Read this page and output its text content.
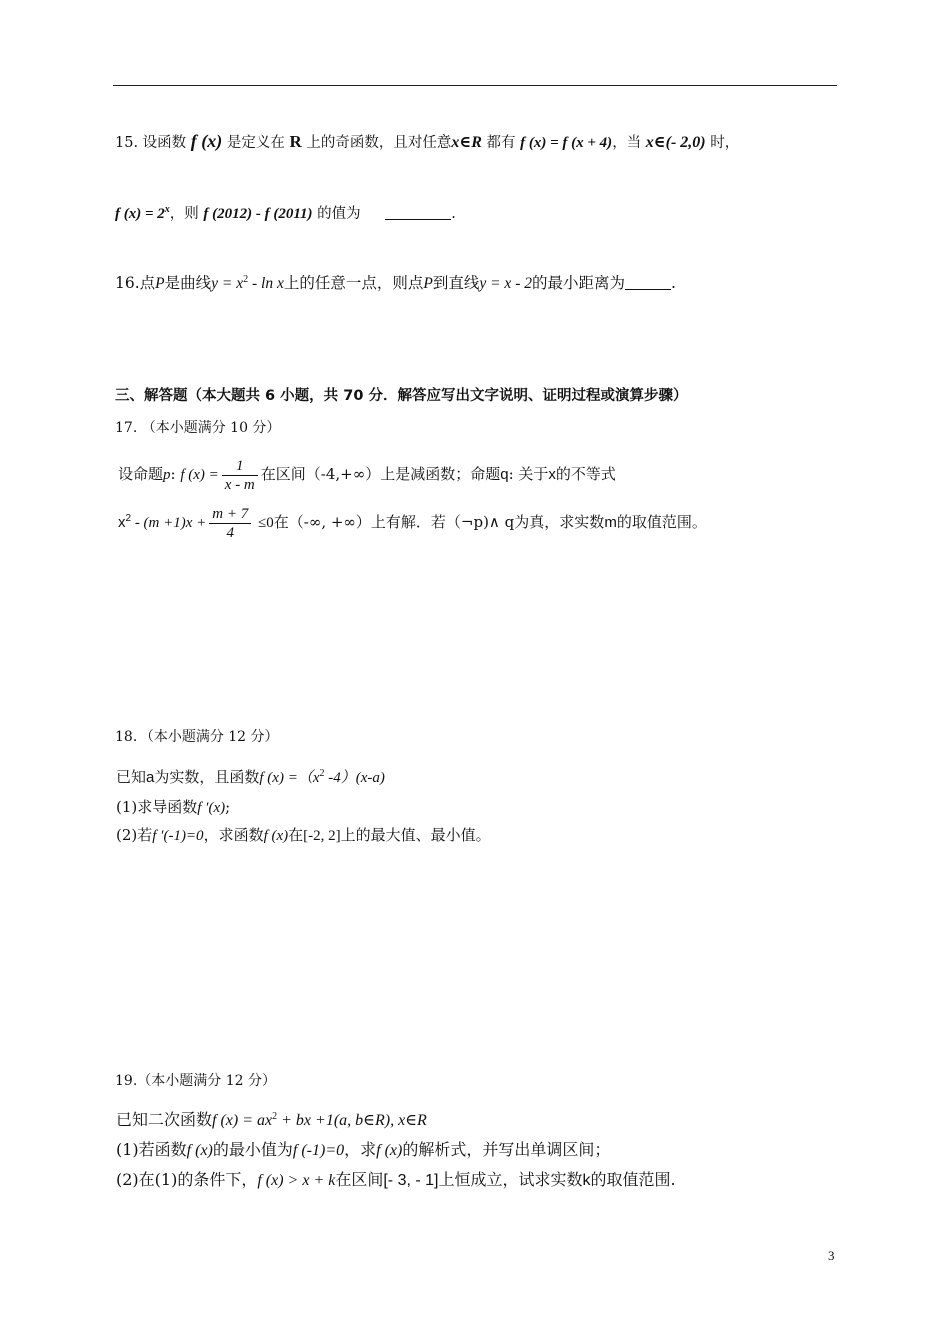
15. 设函数 f (x) 是定义在 R 上的奇函数，且对任意x∈R 都有 f (x) = f (x + 4)，当 x∈(- 2,0) 时，
f $(x) = 2^x$，则 f (2012) - f (2011) 的值为	.
16.点P是曲线$y = x^2 - \ln x$上的任意一点，则点P到直线y = x - 2的最小距离为	.
三、解答题（本大题共 6 小题，共 70 分．解答应写出文字说明、证明过程或演算步骤）
17. （本小题满分 10 分）
设命题p: f $(x) = \frac{1}{x - m}$ 在区间（-4,+∞）上是减函数；命题q: 关于x的不等式
$x^2 - (m +1)x + \frac{m + 7}{4} \le 0$在（-∞, +∞）上有解．若（¬p)∧ q为真，求实数m的取值范围。
18．（本小题满分 12 分）
已知a为实数，且函数f $(x) =(x^2$ -4）(x-a)
(1)求导函数f ′(x);
(2)若f ′(-1)=0，求函数f (x)在[-2, 2]上的最大值、最小值。
19.（本小题满分 12 分）
已知二次函数f $(x) = ax^2$ + bx +1(a, b∈R), x∈R
(1)若函数f (x)的最小值为f (-1)=0，求f (x)的解析式，并写出单调区间；
(2)在(1)的条件下，f (x) > x + k在区间[- 3, - 1]上恒成立，试求实数k的取值范围.
3
